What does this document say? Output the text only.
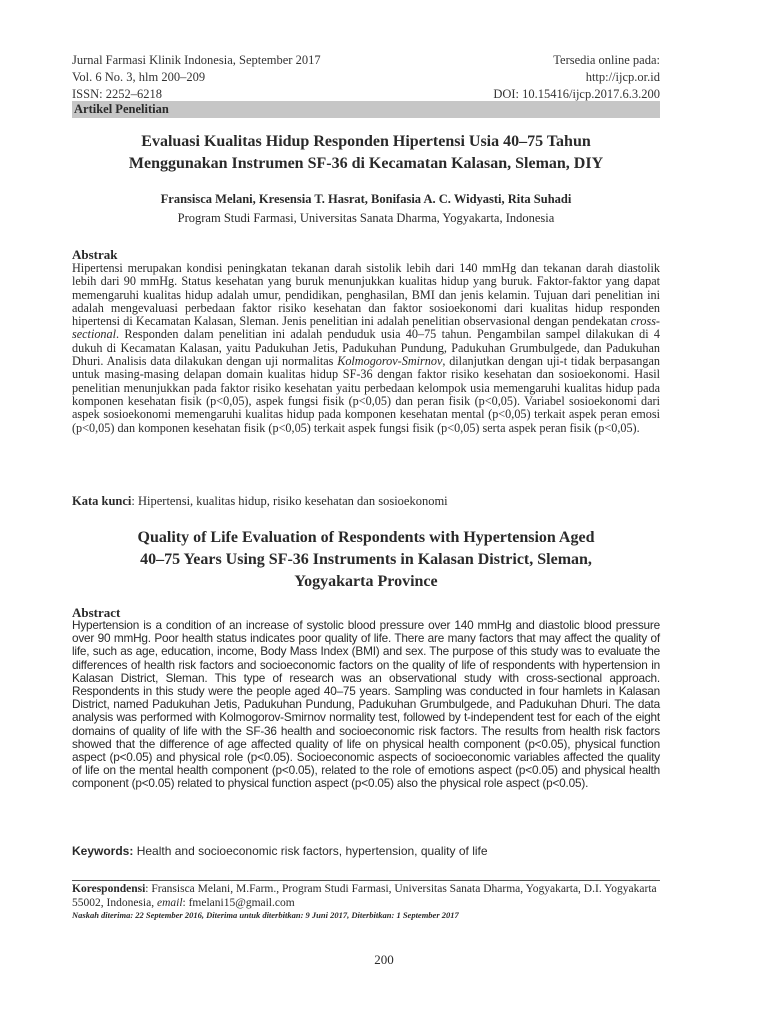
Jurnal Farmasi Klinik Indonesia, September 2017	Tersedia online pada:
Vol. 6 No. 3, hlm 200–209	http://ijcp.or.id
ISSN: 2252–6218	DOI: 10.15416/ijcp.2017.6.3.200
Artikel Penelitian
Evaluasi Kualitas Hidup Responden Hipertensi Usia 40–75 Tahun
Menggunakan Instrumen SF-36 di Kecamatan Kalasan, Sleman, DIY
Fransisca Melani, Kresensia T. Hasrat, Bonifasia A. C. Widyasti, Rita Suhadi
Program Studi Farmasi, Universitas Sanata Dharma, Yogyakarta, Indonesia
Abstrak
Hipertensi merupakan kondisi peningkatan tekanan darah sistolik lebih dari 140 mmHg dan tekanan darah diastolik lebih dari 90 mmHg. Status kesehatan yang buruk menunjukkan kualitas hidup yang buruk. Faktor-faktor yang dapat memengaruhi kualitas hidup adalah umur, pendidikan, penghasilan, BMI dan jenis kelamin. Tujuan dari penelitian ini adalah mengevaluasi perbedaan faktor risiko kesehatan dan faktor sosioekonomi dari kualitas hidup responden hipertensi di Kecamatan Kalasan, Sleman. Jenis penelitian ini adalah penelitian observasional dengan pendekatan cross-sectional. Responden dalam penelitian ini adalah penduduk usia 40–75 tahun. Pengambilan sampel dilakukan di 4 dukuh di Kecamatan Kalasan, yaitu Padukuhan Jetis, Padukuhan Pundung, Padukuhan Grumbulgede, dan Padukuhan Dhuri. Analisis data dilakukan dengan uji normalitas Kolmogorov-Smirnov, dilanjutkan dengan uji-t tidak berpasangan untuk masing-masing delapan domain kualitas hidup SF-36 dengan faktor risiko kesehatan dan sosioekonomi. Hasil penelitian menunjukkan pada faktor risiko kesehatan yaitu perbedaan kelompok usia memengaruhi kualitas hidup pada komponen kesehatan fisik (p<0,05), aspek fungsi fisik (p<0,05) dan peran fisik (p<0,05). Variabel sosioekonomi dari aspek sosioekonomi memengaruhi kualitas hidup pada komponen kesehatan mental (p<0,05) terkait aspek peran emosi (p<0,05) dan komponen kesehatan fisik (p<0,05) terkait aspek fungsi fisik (p<0,05) serta aspek peran fisik (p<0,05).
Kata kunci: Hipertensi, kualitas hidup, risiko kesehatan dan sosioekonomi
Quality of Life Evaluation of Respondents with Hypertension Aged
40–75 Years Using SF-36 Instruments in Kalasan District, Sleman,
Yogyakarta Province
Abstract
Hypertension is a condition of an increase of systolic blood pressure over 140 mmHg and diastolic blood pressure over 90 mmHg. Poor health status indicates poor quality of life. There are many factors that may affect the quality of life, such as age, education, income, Body Mass Index (BMI) and sex. The purpose of this study was to evaluate the differences of health risk factors and socioeconomic factors on the quality of life of respondents with hypertension in Kalasan District, Sleman. This type of research was an observational study with cross-sectional approach. Respondents in this study were the people aged 40–75 years. Sampling was conducted in four hamlets in Kalasan District, named Padukuhan Jetis, Padukuhan Pundung, Padukuhan Grumbulgede, and Padukuhan Dhuri. The data analysis was performed with Kolmogorov-Smirnov normality test, followed by t-independent test for each of the eight domains of quality of life with the SF-36 health and socioeconomic risk factors. The results from health risk factors showed that the difference of age affected quality of life on physical health component (p<0.05), physical function aspect (p<0.05) and physical role (p<0.05). Socioeconomic aspects of socioeconomic variables affected the quality of life on the mental health component (p<0.05), related to the role of emotions aspect (p<0.05) and physical health component (p<0.05) related to physical function aspect (p<0.05) also the physical role aspect (p<0.05).
Keywords: Health and socioeconomic risk factors, hypertension, quality of life
Korespondensi: Fransisca Melani, M.Farm., Program Studi Farmasi, Universitas Sanata Dharma, Yogyakarta, D.I. Yogyakarta 55002, Indonesia, email: fmelani15@gmail.com
Naskah diterima: 22 September 2016, Diterima untuk diterbitkan: 9 Juni 2017, Diterbitkan: 1 September 2017
200
